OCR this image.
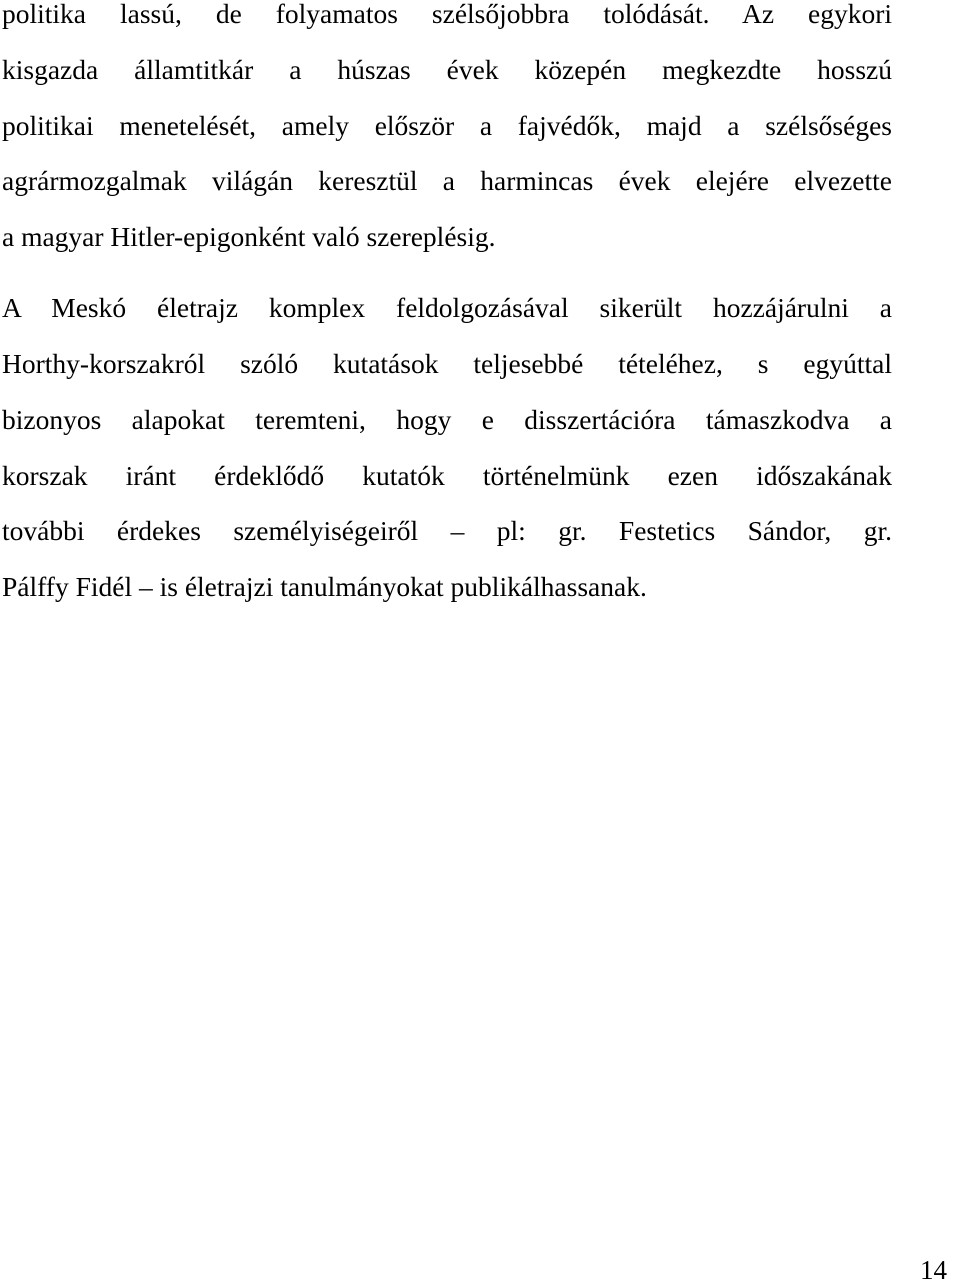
politika lassú, de folyamatos szélsőjobbra tolódását. Az egykori
kisgazda államtitkár a húszas évek közepén megkezdte hosszú
politikai menetelését, amely először a fajvédők, majd a szélsőséges
agrármozgalmak világán keresztül a harmincas évek elejére elvezette
a magyar Hitler-epigonként való szereplésig.
A Meskó életrajz komplex feldolgozásával sikerült hozzájárulni a
Horthy-korszakról szóló kutatások teljesebbé tételéhez, s egyúttal
bizonyos alapokat teremteni, hogy e disszertációra támaszkodva a
korszak iránt érdeklődő kutatók történelmünk ezen időszakának
további érdekes személyiségeiről – pl: gr. Festetics Sándor, gr.
Pálffy Fidél – is életrajzi tanulmányokat publikálhassanak.
14
